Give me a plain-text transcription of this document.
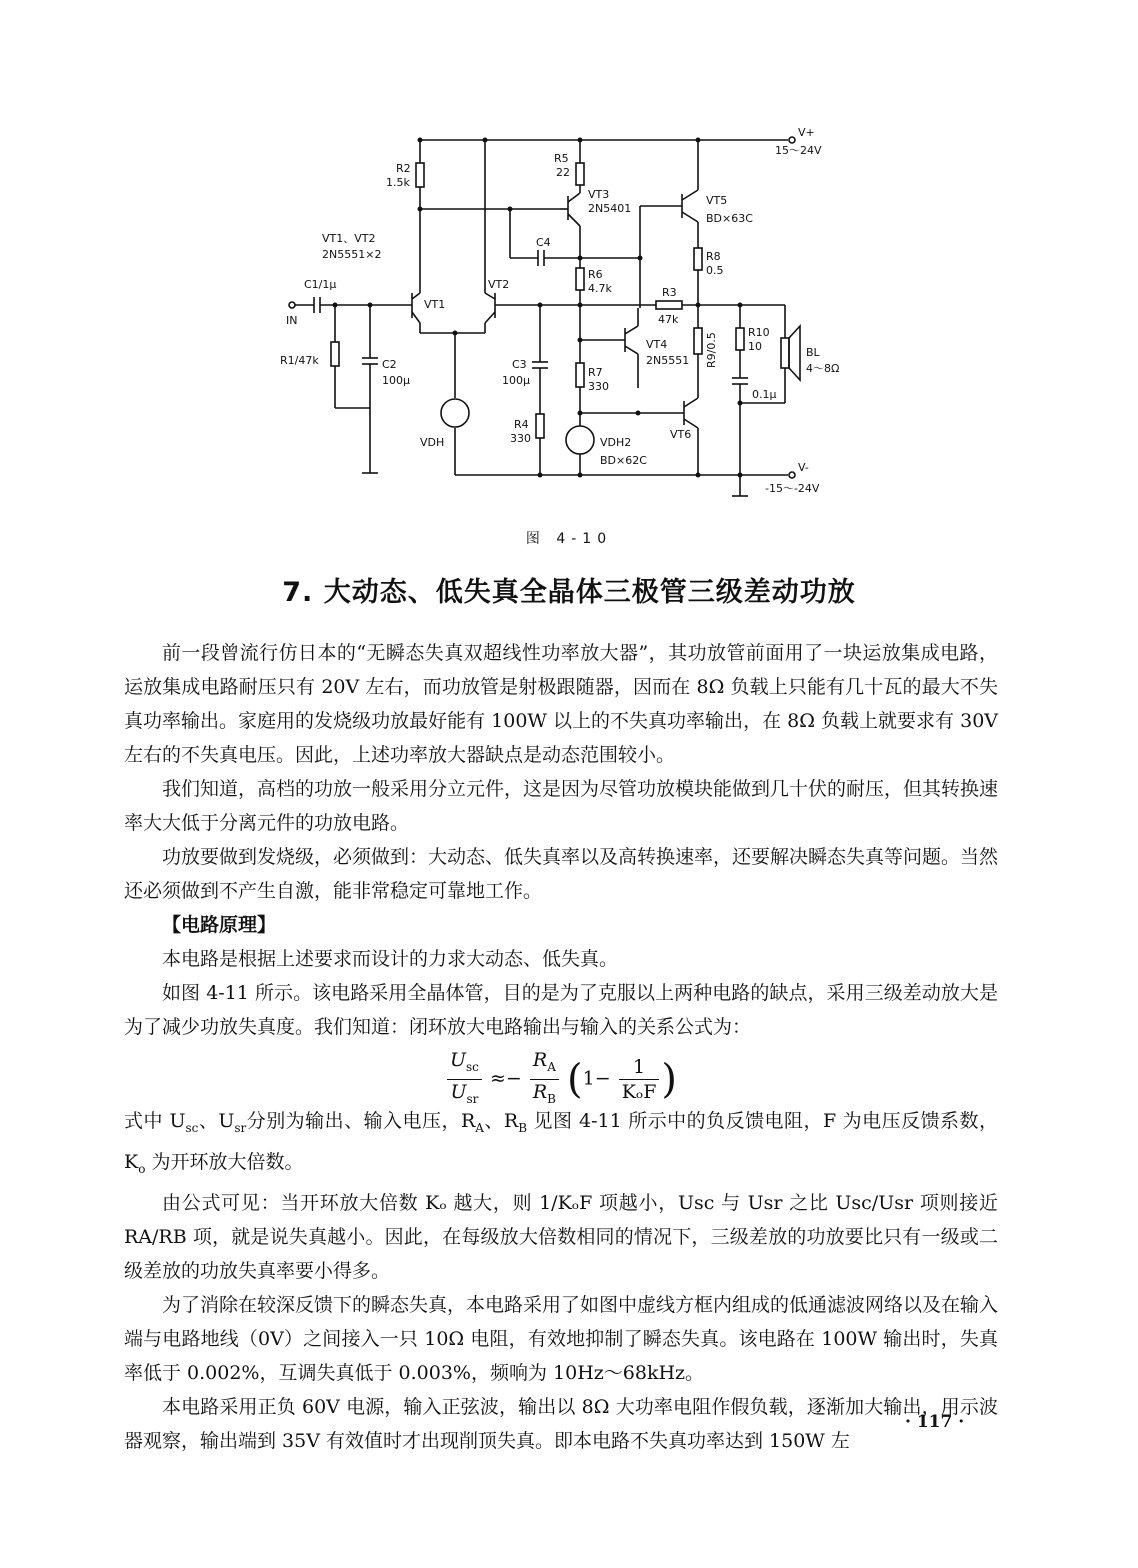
V+
15～24V
V-
-15～-24V
R2
1.5k
R5
22
VT3
2N5401
VT5
BD×63C
VT1、VT2
2N5551×2
C4
R6
4.7k
R8
0.5
C1/1μ
IN
VT1
VT2
R3
47k
R9/0.5	R10
10	BL
4～8Ω
R1/47k	C2
100μ
C3
100μ
R7
330
VT4
2N5551
0.1μ
R4
330
VDH
VT6
BD×62C
VDH2
图 4-10
7. 大动态、低失真全晶体三极管三级差动功放

前一段曾流行仿日本的“无瞬态失真双超线性功率放大器”，其功放管前面用了一块运放集成电路，运放集成电路耐压只有 20V 左右，而功放管是射极跟随器，因而在 8Ω 负载上只能有几十瓦的最大不失真功率输出。家庭用的发烧级功放最好能有 100W 以上的不失真功率输出，在 8Ω 负载上就要求有 30V 左右的不失真电压。因此，上述功率放大器缺点是动态范围较小。

我们知道，高档的功放一般采用分立元件，这是因为尽管功放模块能做到几十伏的耐压，但其转换速率大大低于分离元件的功放电路。

功放要做到发烧级，必须做到：大动态、低失真率以及高转换速率，还要解决瞬态失真等问题。当然还必须做到不产生自激，能非常稳定可靠地工作。

【电路原理】

本电路是根据上述要求而设计的力求大动态、低失真。

如图 4-11 所示。该电路采用全晶体管，目的是为了克服以上两种电路的缺点，采用三级差动放大是为了减少功放失真度。我们知道：闭环放大电路输出与输入的关系公式为：

$\frac{U_{sc}}{U_{sr}} \approx- \frac{R_A}{R_B} (1- \frac{1}{\text{KₒF}}$ )

式中 $U_{sc}$、$U_{sr}$分别为输出、输入电压，$R_A$、$R_B$ 见图 4-11 所示中的负反馈电阻，F 为电压反馈系数，$K_o$ 为开环放大倍数。

由公式可见：当开环放大倍数 Kₒ 越大，则 1/KₒF 项越小，Usc 与 Usr 之比 Usc/Usr 项则接近 RA/RB 项，就是说失真越小。因此，在每级放大倍数相同的情况下，三级差放的功放要比只有一级或二级差放的功放失真率要小得多。

为了消除在较深反馈下的瞬态失真，本电路采用了如图中虚线方框内组成的低通滤波网络以及在输入端与电路地线（0V）之间接入一只 10Ω 电阻，有效地抑制了瞬态失真。该电路在 100W 输出时，失真率低于 0.002%，互调失真低于 0.003%，频响为 10Hz～68kHz。

本电路采用正负 60V 电源，输入正弦波，输出以 8Ω 大功率电阻作假负载，逐渐加大输出，用示波器观察，输出端到 35V 有效值时才出现削顶失真。即本电路不失真功率达到 150W 左

· 117 ·
